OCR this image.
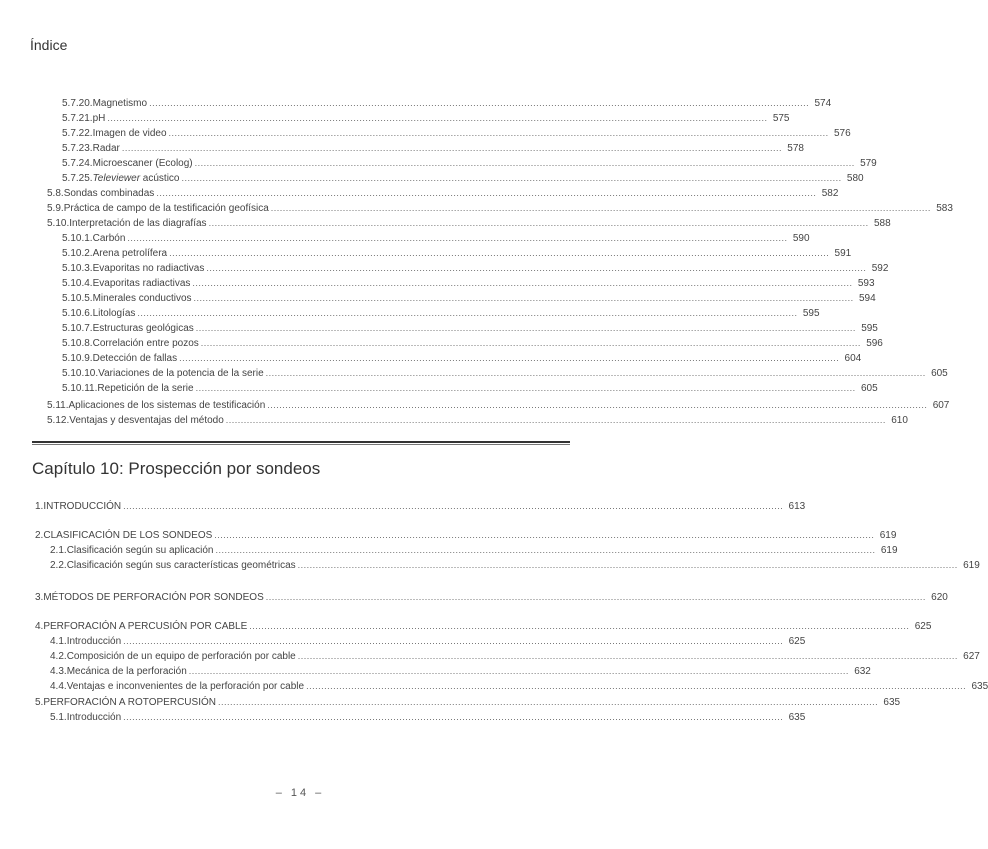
Índice
5.7.20. Magnetismo ............................................................................................................................................................................................................................ 574
5.7.21. pH ............................................................................................................................................................................................................................ 575
5.7.22. Imagen de video ............................................................................................................................................................................................................................ 576
5.7.23. Radar ............................................................................................................................................................................................................................ 578
5.7.24. Microescaner (Ecolog) ............................................................................................................................................................................................................................ 579
5.7.25. Televiewer acústico ............................................................................................................................................................................................................................ 580
5.8. Sondas combinadas ............................................................................................................................................................................................................................ 582
5.9. Práctica de campo de la testificación geofísica ............................................................................................................................................................................................................................ 583
5.10. Interpretación de las diagrafías ............................................................................................................................................................................................................................ 588
5.10.1. Carbón ............................................................................................................................................................................................................................ 590
5.10.2. Arena petrolífera ............................................................................................................................................................................................................................ 591
5.10.3. Evaporitas no radiactivas ............................................................................................................................................................................................................................ 592
5.10.4. Evaporitas radiactivas ............................................................................................................................................................................................................................ 593
5.10.5. Minerales conductivos ............................................................................................................................................................................................................................ 594
5.10.6. Litologías ............................................................................................................................................................................................................................ 595
5.10.7. Estructuras geológicas ............................................................................................................................................................................................................................ 595
5.10.8. Correlación entre pozos ............................................................................................................................................................................................................................ 596
5.10.9. Detección de fallas ............................................................................................................................................................................................................................ 604
5.10.10. Variaciones de la potencia de la serie ............................................................................................................................................................................................................................ 605
5.10.11. Repetición de la serie ............................................................................................................................................................................................................................ 605
5.11. Aplicaciones de los sistemas de testificación ............................................................................................................................................................................................................................ 607
5.12. Ventajas y desventajas del método ............................................................................................................................................................................................................................ 610
Capítulo 10: Prospección por sondeos
1. INTRODUCCIÓN ............................................................................................................................................................................................................................ 613
2. CLASIFICACIÓN DE LOS SONDEOS ............................................................................................................................................................................................................................ 619
2.1. Clasificación según su aplicación ............................................................................................................................................................................................................................ 619
2.2. Clasificación según sus características geométricas ............................................................................................................................................................................................................................ 619
3. MÉTODOS DE PERFORACIÓN POR SONDEOS ............................................................................................................................................................................................................................ 620
4. PERFORACIÓN A PERCUSIÓN POR CABLE ............................................................................................................................................................................................................................ 625
4.1. Introducción ............................................................................................................................................................................................................................ 625
4.2. Composición de un equipo de perforación por cable ............................................................................................................................................................................................................................ 627
4.3. Mecánica de la perforación ............................................................................................................................................................................................................................ 632
4.4. Ventajas e inconvenientes de la perforación por cable ............................................................................................................................................................................................................................ 635
5. PERFORACIÓN A ROTOPERCUSIÓN ............................................................................................................................................................................................................................ 635
5.1. Introducción ............................................................................................................................................................................................................................ 635
– 14 –
